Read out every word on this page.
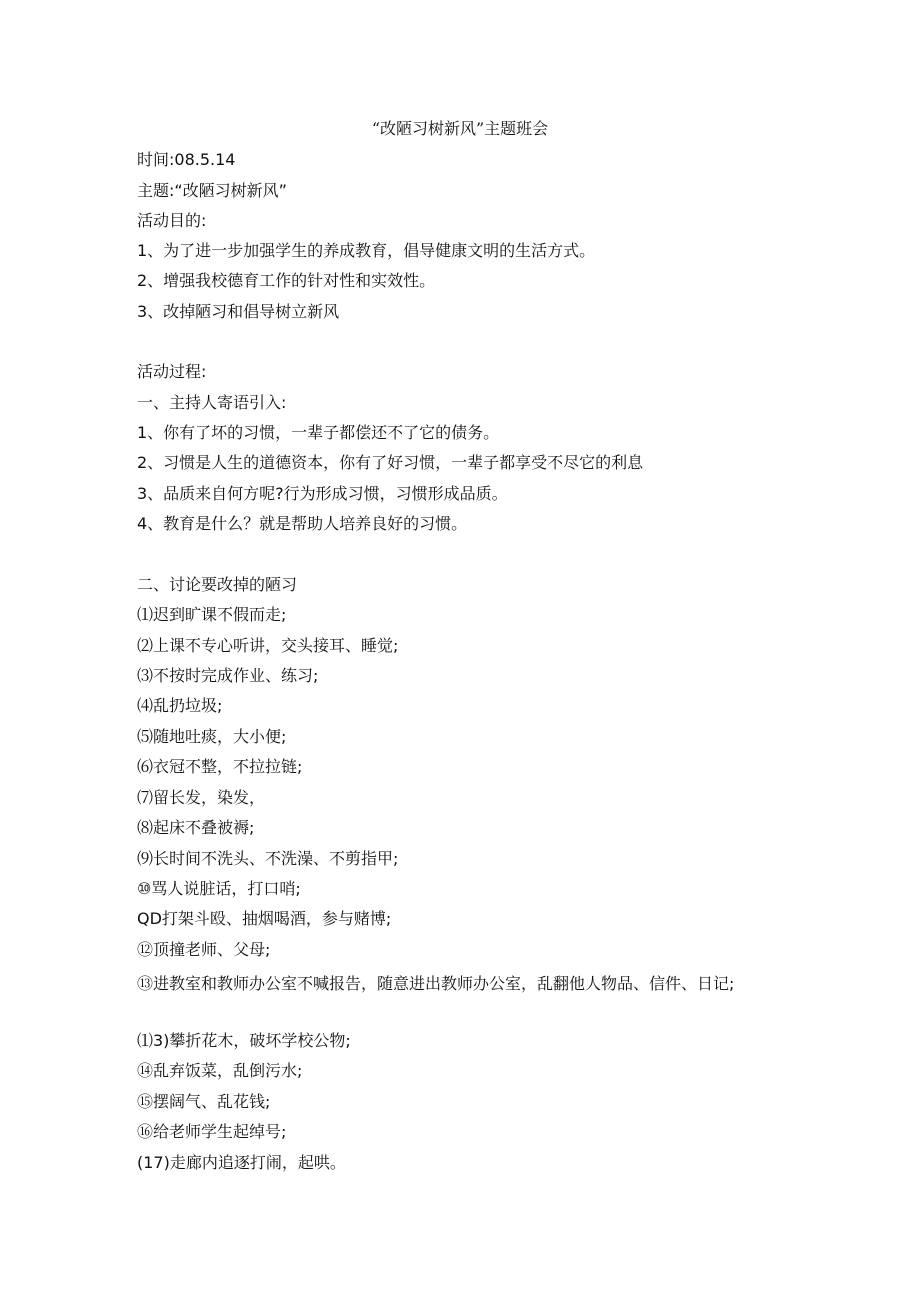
“改陋习树新风”主题班会
时间:08.5.14
主题:“改陋习树新风”
活动目的:
1、为了进一步加强学生的养成教育，倡导健康文明的生活方式。
2、增强我校德育工作的针对性和实效性。
3、改掉陋习和倡导树立新风
活动过程:
一、主持人寄语引入:
1、你有了坏的习惯，一辈子都偿还不了它的债务。
2、习惯是人生的道德资本，你有了好习惯，一辈子都享受不尽它的利息
3、品质来自何方呢?行为形成习惯，习惯形成品质。
4、教育是什么？就是帮助人培养良好的习惯。
二、讨论要改掉的陋习
⑴迟到旷课不假而走;
⑵上课不专心听讲，交头接耳、睡觉;
⑶不按时完成作业、练习;
⑷乱扔垃圾;
⑸随地吐痰，大小便;
⑹衣冠不整，不拉拉链;
⑺留长发，染发，
⑻起床不叠被褥;
⑼长时间不洗头、不洗澡、不剪指甲;
⑩骂人说脏话，打口哨;
QD打架斗殴、抽烟喝酒，参与赌博;
⑫顶撞老师、父母;
⑬进教室和教师办公室不喊报告，随意进出教师办公室，乱翻他人物品、信件、日记;
⑴3)攀折花木，破坏学校公物;
⑭乱弃饭菜，乱倒污水;
⑮摆阔气、乱花钱;
⑯给老师学生起绰号;
(17)走廊内追逐打闹，起哄。
